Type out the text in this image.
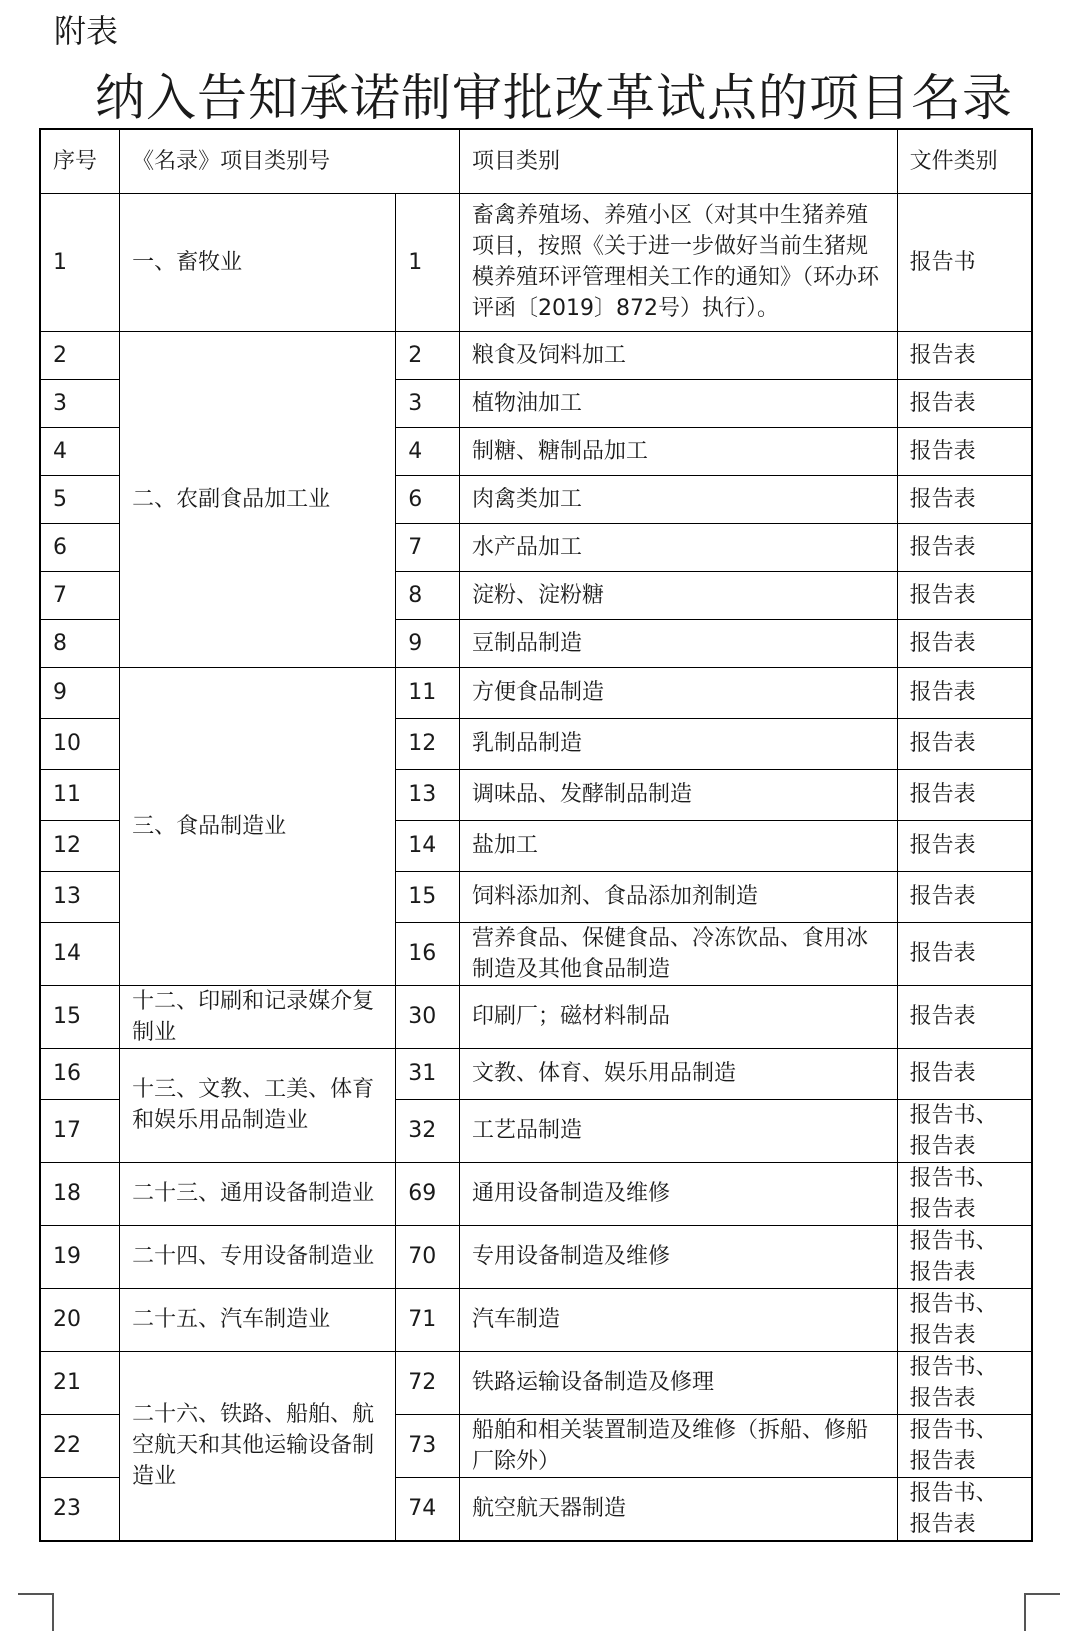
附表
纳入告知承诺制审批改革试点的项目名录
序号	《名录》项目类别号		项目类别	文件类别
1	一、畜牧业	1	畜禽养殖场、养殖小区（对其中生猪养殖项目，按照《关于进一步做好当前生猪规模养殖环评管理相关工作的通知》（环办环评函〔2019〕872号）执行）。	报告书
2	二、农副食品加工业	2	粮食及饲料加工	报告表
3		3	植物油加工	报告表
4		4	制糖、糖制品加工	报告表
5		6	肉禽类加工	报告表
6		7	水产品加工	报告表
7		8	淀粉、淀粉糖	报告表
8		9	豆制品制造	报告表
9	三、食品制造业	11	方便食品制造	报告表
10		12	乳制品制造	报告表
11		13	调味品、发酵制品制造	报告表
12		14	盐加工	报告表
13		15	饲料添加剂、食品添加剂制造	报告表
14		16	营养食品、保健食品、冷冻饮品、食用冰制造及其他食品制造	报告表
15	十二、印刷和记录媒介复制业	30	印刷厂；磁材料制品	报告表
16	十三、文教、工美、体育和娱乐用品制造业	31	文教、体育、娱乐用品制造	报告表
17		32	工艺品制造	报告书、报告表
18	二十三、通用设备制造业	69	通用设备制造及维修	报告书、报告表
19	二十四、专用设备制造业	70	专用设备制造及维修	报告书、报告表
20	二十五、汽车制造业	71	汽车制造	报告书、报告表
21	二十六、铁路、船舶、航空航天和其他运输设备制造业	72	铁路运输设备制造及修理	报告书、报告表
22		73	船舶和相关装置制造及维修（拆船、修船厂除外）	报告书、报告表
23		74	航空航天器制造	报告书、报告表
